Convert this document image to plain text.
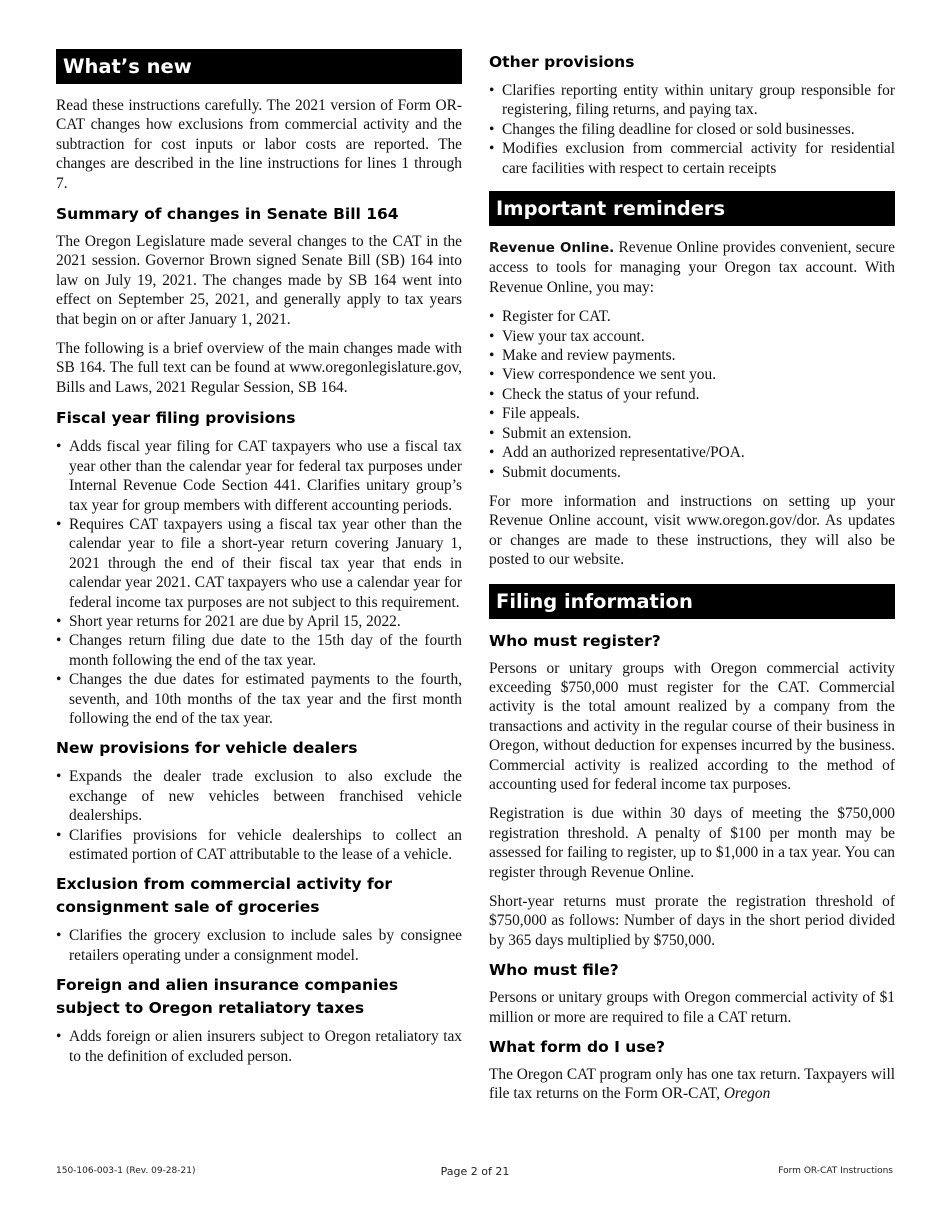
What’s new

Read these instructions carefully. The 2021 version of Form OR-CAT changes how exclusions from commercial activity and the subtraction for cost inputs or labor costs are reported. The changes are described in the line instructions for lines 1 through 7.

Summary of changes in Senate Bill 164

The Oregon Legislature made several changes to the CAT in the 2021 session. Governor Brown signed Senate Bill (SB) 164 into law on July 19, 2021. The changes made by SB 164 went into effect on September 25, 2021, and generally apply to tax years that begin on or after January 1, 2021.

The following is a brief overview of the main changes made with SB 164. The full text can be found at www.oregonlegislature.gov, Bills and Laws, 2021 Regular Session, SB 164.

Fiscal year filing provisions
• Adds fiscal year filing for CAT taxpayers who use a fiscal tax year other than the calendar year for federal tax purposes under Internal Revenue Code Section 441. Clarifies unitary group’s tax year for group members with different accounting periods.
• Requires CAT taxpayers using a fiscal tax year other than the calendar year to file a short-year return covering January 1, 2021 through the end of their fiscal tax year that ends in calendar year 2021. CAT taxpayers who use a calendar year for federal income tax purposes are not subject to this requirement.
• Short year returns for 2021 are due by April 15, 2022.
• Changes return filing due date to the 15th day of the fourth month following the end of the tax year.
• Changes the due dates for estimated payments to the fourth, seventh, and 10th months of the tax year and the first month following the end of the tax year.
New provisions for vehicle dealers
• Expands the dealer trade exclusion to also exclude the exchange of new vehicles between franchised vehicle dealerships.
• Clarifies provisions for vehicle dealerships to collect an estimated portion of CAT attributable to the lease of a vehicle.
Exclusion from commercial activity for consignment sale of groceries
• Clarifies the grocery exclusion to include sales by consignee retailers operating under a consignment model.
Foreign and alien insurance companies subject to Oregon retaliatory taxes
• Adds foreign or alien insurers subject to Oregon retaliatory tax to the definition of excluded person.
Other provisions
• Clarifies reporting entity within unitary group responsible for registering, filing returns, and paying tax.
• Changes the filing deadline for closed or sold businesses.
• Modifies exclusion from commercial activity for residential care facilities with respect to certain receipts
Important reminders

Revenue Online. Revenue Online provides convenient, secure access to tools for managing your Oregon tax account. With Revenue Online, you may:

• Register for CAT.
• View your tax account.
• Make and review payments.
• View correspondence we sent you.
• Check the status of your refund.
• File appeals.
• Submit an extension.
• Add an authorized representative/POA.
• Submit documents.

For more information and instructions on setting up your Revenue Online account, visit www.oregon.gov/dor. As updates or changes are made to these instructions, they will also be posted to our website.

Filing information
Who must register?

Persons or unitary groups with Oregon commercial activity exceeding $750,000 must register for the CAT. Commercial activity is the total amount realized by a company from the transactions and activity in the regular course of their business in Oregon, without deduction for expenses incurred by the business. Commercial activity is realized according to the method of accounting used for federal income tax purposes.

Registration is due within 30 days of meeting the $750,000 registration threshold. A penalty of $100 per month may be assessed for failing to register, up to $1,000 in a tax year. You can register through Revenue Online.

Short-year returns must prorate the registration threshold of $750,000 as follows: Number of days in the short period divided by 365 days multiplied by $750,000.

Who must file?

Persons or unitary groups with Oregon commercial activity of $1 million or more are required to file a CAT return.

What form do I use?

The Oregon CAT program only has one tax return. Taxpayers will file tax returns on the Form OR-CAT, Oregon

150-106-003-1 (Rev. 09-28-21)	Page 2 of 21	Form OR-CAT Instructions
